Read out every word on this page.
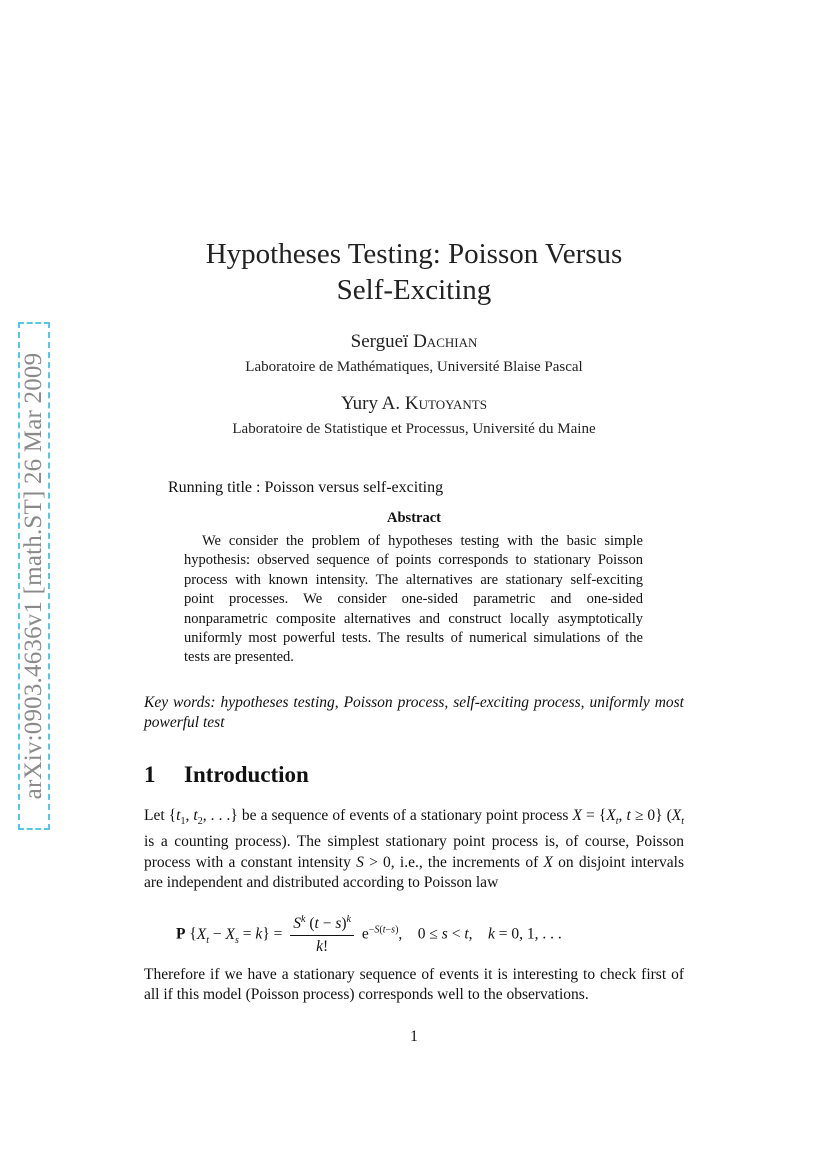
arXiv:0903.4636v1 [math.ST] 26 Mar 2009
Hypotheses Testing: Poisson Versus
Self-Exciting
Sergueï Dachian
Laboratoire de Mathématiques, Université Blaise Pascal
Yury A. Kutoyants
Laboratoire de Statistique et Processus, Université du Maine
Running title : Poisson versus self-exciting
Abstract
We consider the problem of hypotheses testing with the basic simple hypothesis: observed sequence of points corresponds to stationary Poisson process with known intensity. The alternatives are stationary self-exciting point processes. We consider one-sided parametric and one-sided nonparametric composite alternatives and construct locally asymptotically uniformly most powerful tests. The results of numerical simulations of the tests are presented.
Key words: hypotheses testing, Poisson process, self-exciting process, uniformly most powerful test
1 Introduction
Let {$t_1$, $t_2$, . . .} be a sequence of events of a stationary point process $X = \{X_t$, t ≥ 0} ($X_t$ is a counting process). The simplest stationary point process is, of course, Poisson process with a constant intensity S > 0, i.e., the increments of X on disjoint intervals are independent and distributed according to Poisson law
P $\{X_t - X_s = k\} = \frac{S^k (t - s)^k}{k!} e^{-S(t-s)}$,    0 ≤ s < t,    k = 0, 1, . . .
Therefore if we have a stationary sequence of events it is interesting to check first of all if this model (Poisson process) corresponds well to the observations.
1
